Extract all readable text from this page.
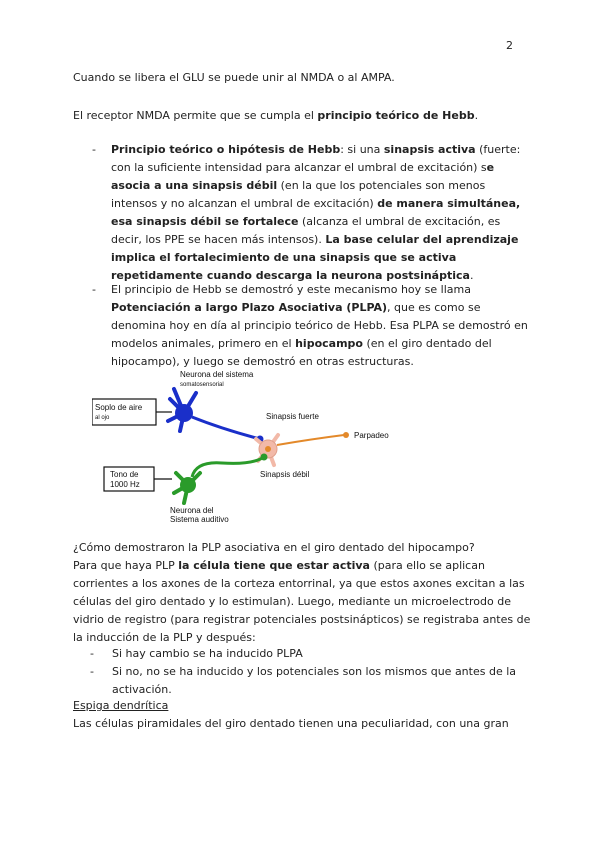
2

Cuando se libera el GLU se puede unir al NMDA o al AMPA.

El receptor NMDA permite que se cumpla el principio teórico de Hebb.

- Principio teórico o hipótesis de Hebb: si una sinapsis activa (fuerte: con la suficiente intensidad para alcanzar el umbral de excitación) se asocia a una sinapsis débil (en la que los potenciales son menos intensos y no alcanzan el umbral de excitación) de manera simultánea, esa sinapsis débil se fortalece (alcanza el umbral de excitación, es decir, los PPE se hacen más intensos). La base celular del aprendizaje implica el fortalecimiento de una sinapsis que se activa repetidamente cuando descarga la neurona postsináptica.
- El principio de Hebb se demostró y este mecanismo hoy se llama Potenciación a largo Plazo Asociativa (PLPA), que es como se denomina hoy en día al principio teórico de Hebb. Esa PLPA se demostró en modelos animales, primero en el hipocampo (en el giro dentado del hipocampo), y luego se demostró en otras estructuras.
Neurona del sistema
somatosensorial
Soplo de aire
al ojo	Sinapsis fuerte
Parpadeo
Tono de
1000 Hz
Sinapsis débil
Neurona del
Sistema auditivo

¿Cómo demostraron la PLP asociativa en el giro dentado del hipocampo?

Para que haya PLP la célula tiene que estar activa (para ello se aplican corrientes a los axones de la corteza entorrinal, ya que estos axones excitan a las células del giro dentado y lo estimulan). Luego, mediante un microelectrodo de vidrio de registro (para registrar potenciales postsinápticos) se registraba antes de la inducción de la PLP y después:

- Si hay cambio se ha inducido PLPA
- Si no, no se ha inducido y los potenciales son los mismos que antes de la activación.

Espiga dendrítica

Las células piramidales del giro dentado tienen una peculiaridad, con una gran
